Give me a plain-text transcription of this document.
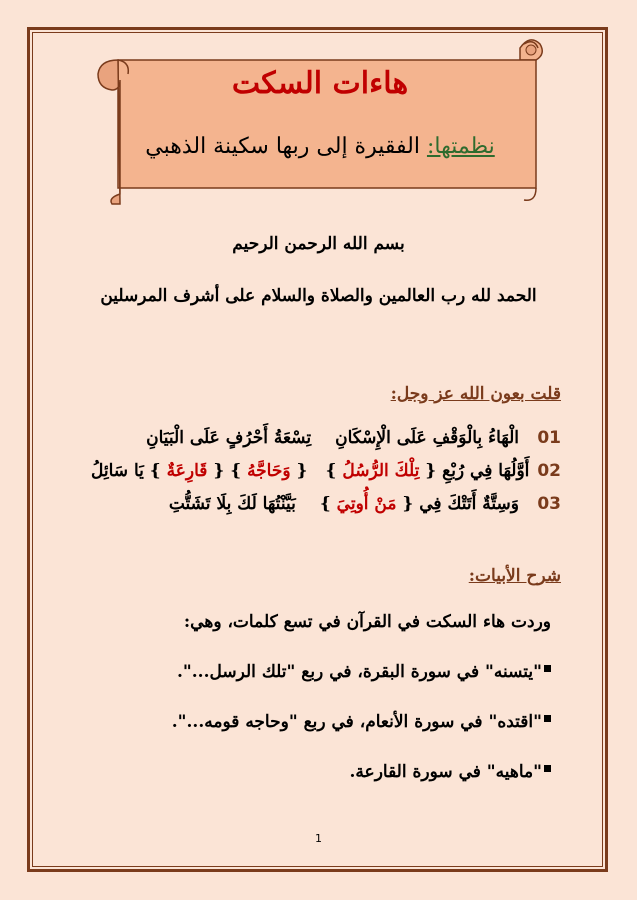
هاءات السكت
نظمتها: الفقيرة إلى ربها سكينة الذهبي
بسم الله الرحمن الرحيم
الحمد لله رب العالمين والصلاة والسلام على أشرف المرسلين
قلت بعون الله عز وجل:
01
الْهَاءُ بِالْوَقْفِ عَلَى الْإِسْكَانِ
تِسْعَةُ أَحْرُفٍ عَلَى الْبَيَانِ
02
أَوَّلُهَا فِي رُبْعِ { تِلْكَ الرُّسُلُ }
{ وَحَاجَّهُ } { قَارِعَةٌ } يَا سَائِلُ
03
وَسِتَّةٌ أَتَتْكَ فِي { مَنْ أُوتِيَ }
بَيَّنْتُهَا لَكَ بِلَا تَشَتُّتِ
شرح الأبيات:
وردت هاء السكت في القرآن في تسع كلمات، وهي:
"يتسنه" في سورة البقرة، في ربع "تلك الرسل...".
"اقتده" في سورة الأنعام، في ربع "وحاجه قومه...".
"ماهيه" في سورة القارعة.
1
